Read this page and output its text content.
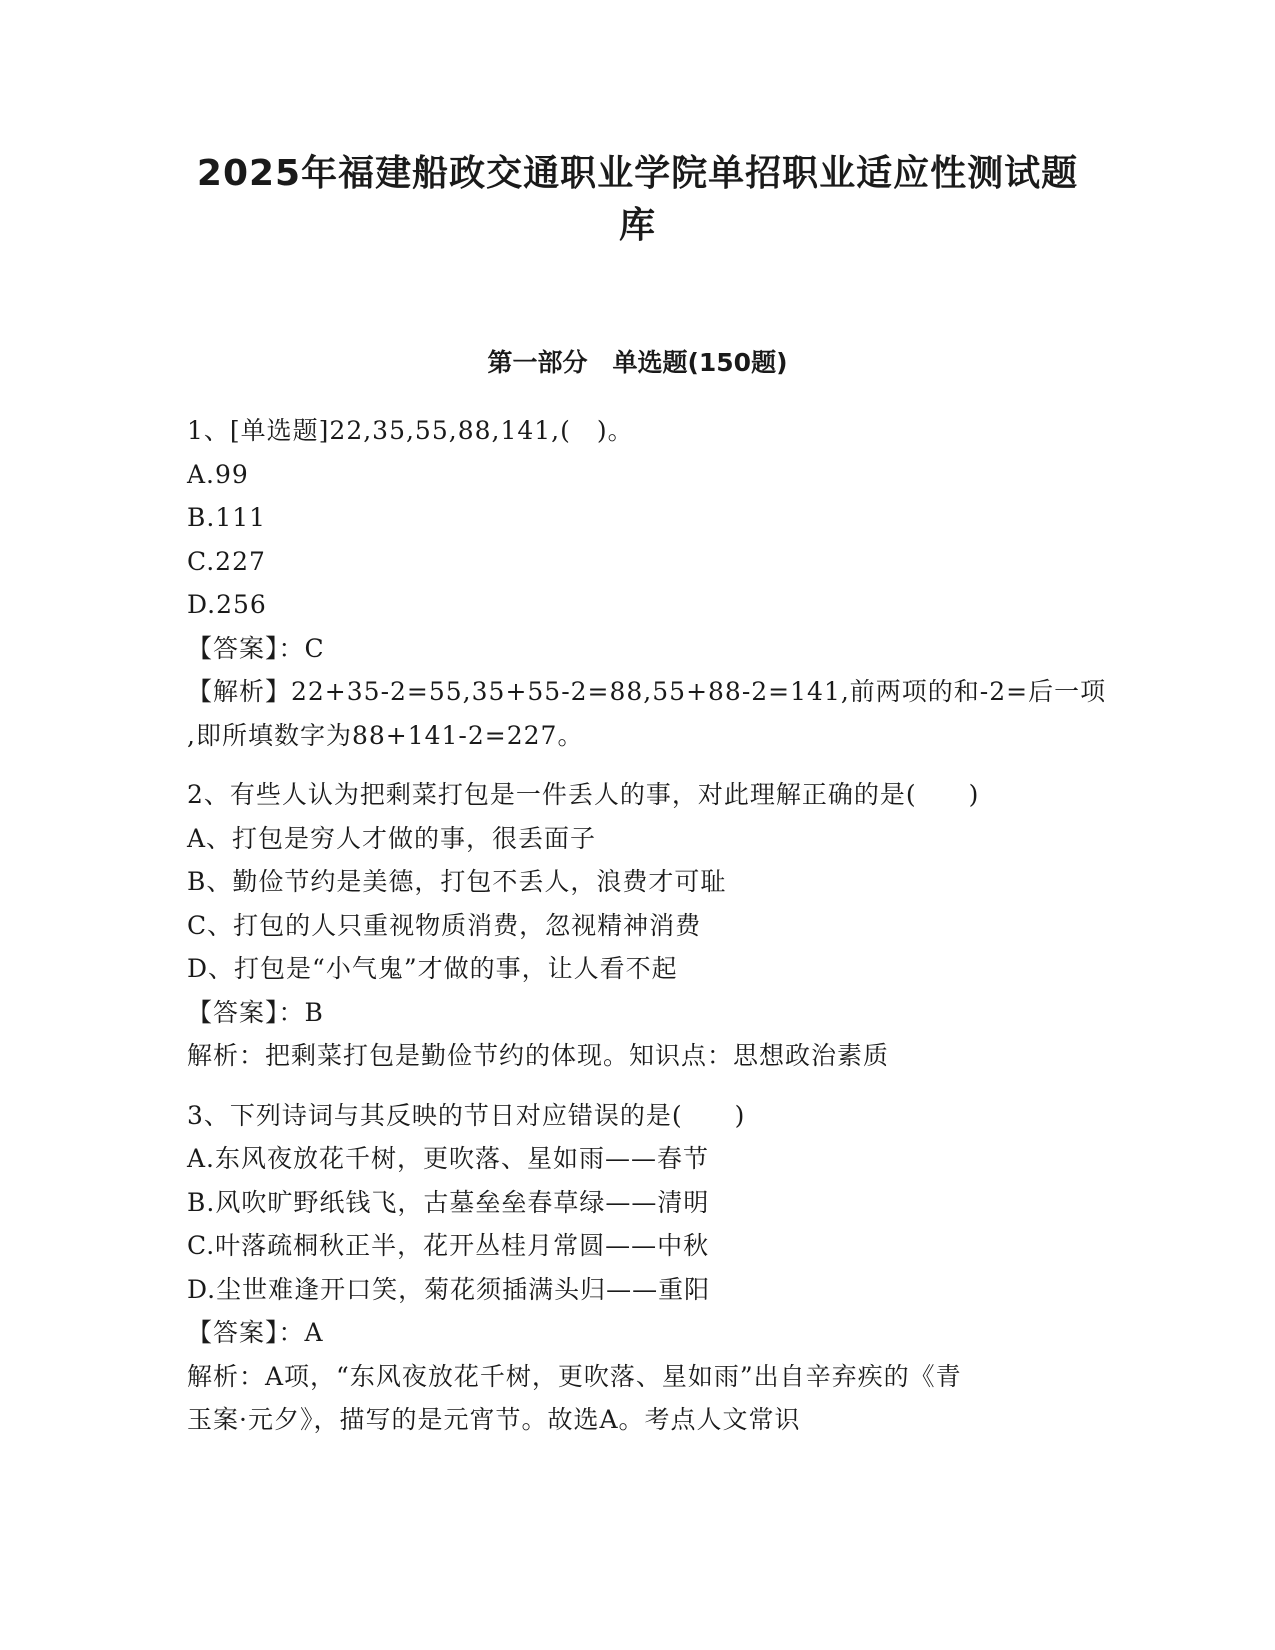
2025年福建船政交通职业学院单招职业适应性测试题
库
第一部分　单选题(150题)
1、[单选题]22,35,55,88,141,(　)。
A.99
B.111
C.227
D.256
【答案】：C
【解析】22+35-2=55,35+55-2=88,55+88-2=141,前两项的和-2=后一项
,即所填数字为88+141-2=227。
2、有些人认为把剩菜打包是一件丢人的事，对此理解正确的是(　　)
A、打包是穷人才做的事，很丢面子
B、勤俭节约是美德，打包不丢人，浪费才可耻
C、打包的人只重视物质消费，忽视精神消费
D、打包是“小气鬼”才做的事，让人看不起
【答案】：B
解析：把剩菜打包是勤俭节约的体现。知识点：思想政治素质
3、下列诗词与其反映的节日对应错误的是(　　)
A.东风夜放花千树，更吹落、星如雨——春节
B.风吹旷野纸钱飞，古墓垒垒春草绿——清明
C.叶落疏桐秋正半，花开丛桂月常圆——中秋
D.尘世难逢开口笑，菊花须插满头归——重阳
【答案】：A
解析：A项，“东风夜放花千树，更吹落、星如雨”出自辛弃疾的《青
玉案·元夕》，描写的是元宵节。故选A。考点人文常识
